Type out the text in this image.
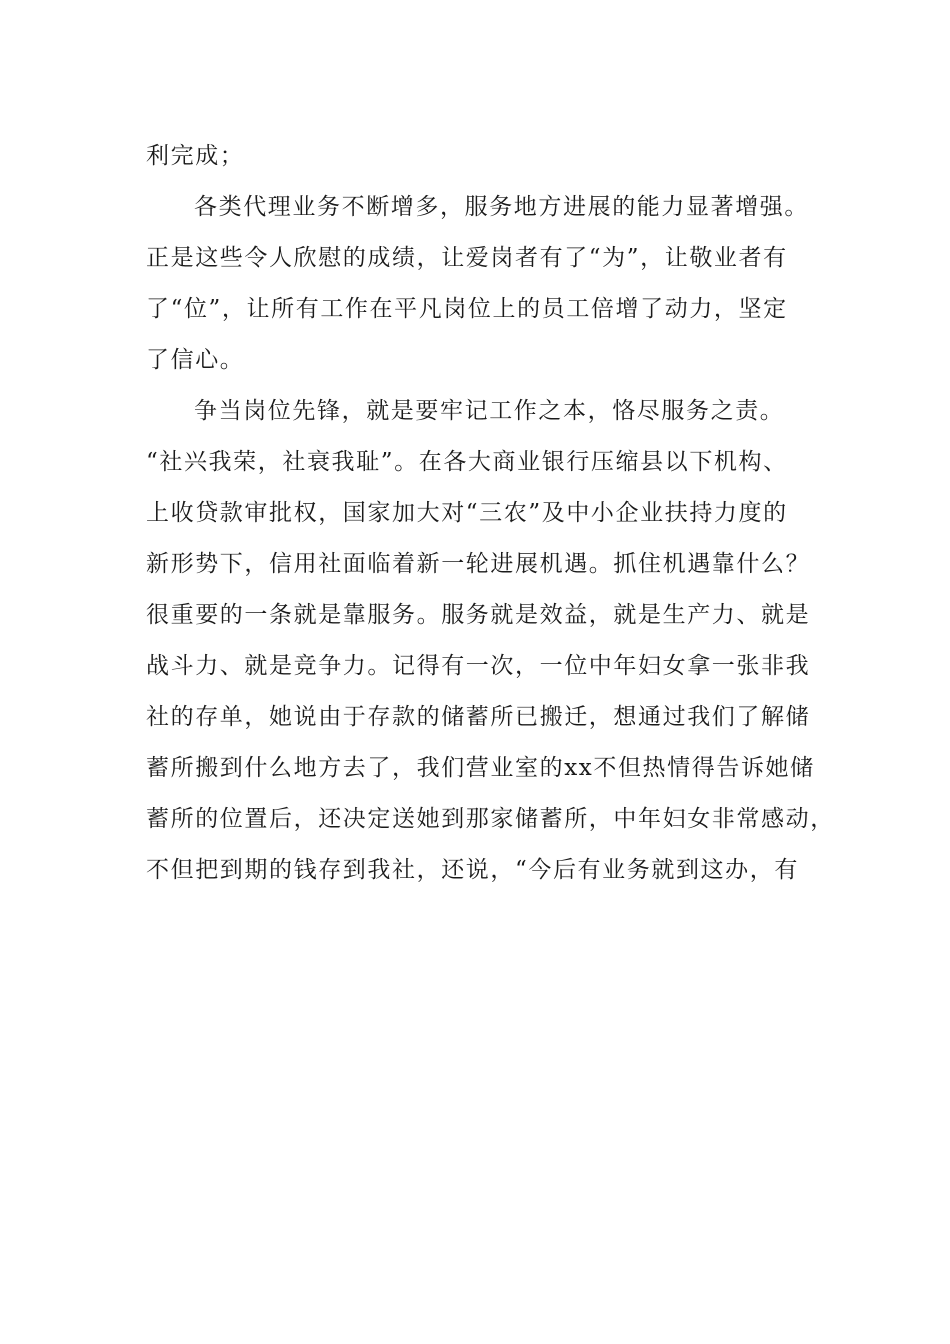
利完成；
各类代理业务不断增多，服务地方进展的能力显著增强。
正是这些令人欣慰的成绩，让爱岗者有了“为”，让敬业者有
了“位”，让所有工作在平凡岗位上的员工倍增了动力，坚定
了信心。
争当岗位先锋，就是要牢记工作之本，恪尽服务之责。
“社兴我荣，社衰我耻”。在各大商业银行压缩县以下机构、
上收贷款审批权，国家加大对“三农”及中小企业扶持力度的
新形势下，信用社面临着新一轮进展机遇。抓住机遇靠什么？
很重要的一条就是靠服务。服务就是效益，就是生产力、就是
战斗力、就是竞争力。记得有一次，一位中年妇女拿一张非我
社的存单，她说由于存款的储蓄所已搬迁，想通过我们了解储
蓄所搬到什么地方去了，我们营业室的xx不但热情得告诉她储
蓄所的位置后，还决定送她到那家储蓄所，中年妇女非常感动，
不但把到期的钱存到我社，还说，“今后有业务就到这办，有
